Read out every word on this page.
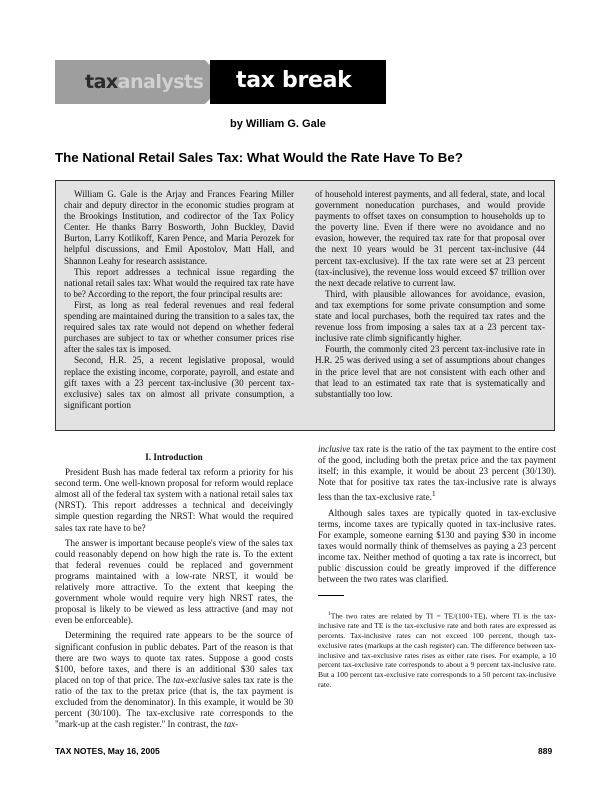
taxanalysts tax break
by William G. Gale
The National Retail Sales Tax: What Would the Rate Have To Be?

William G. Gale is the Arjay and Frances Fearing Miller chair and deputy director in the economic studies program at the Brookings Institution, and codirector of the Tax Policy Center. He thanks Barry Bosworth, John Buckley, David Burton, Larry Kotlikoff, Karen Pence, and Maria Perozek for helpful discussions, and Emil Apostolov, Matt Hall, and Shannon Leahy for research assistance.

This report addresses a technical issue regarding the national retail sales tax: What would the required tax rate have to be? According to the report, the four principal results are:

First, as long as real federal revenues and real federal spending are maintained during the transition to a sales tax, the required sales tax rate would not depend on whether federal purchases are subject to tax or whether consumer prices rise after the sales tax is imposed.

Second, H.R. 25, a recent legislative proposal, would replace the existing income, corporate, payroll, and estate and gift taxes with a 23 percent tax-inclusive (30 percent tax-exclusive) sales tax on almost all private consumption, a significant portion

of household interest payments, and all federal, state, and local government noneducation purchases, and would provide payments to offset taxes on consumption to households up to the poverty line. Even if there were no avoidance and no evasion, however, the required tax rate for that proposal over the next 10 years would be 31 percent tax-inclusive (44 percent tax-exclusive). If the tax rate were set at 23 percent (tax-inclusive), the revenue loss would exceed $7 trillion over the next decade relative to current law.

Third, with plausible allowances for avoidance, evasion, and tax exemptions for some private consumption and some state and local purchases, both the required tax rates and the revenue loss from imposing a sales tax at a 23 percent tax-inclusive rate climb significantly higher.

Fourth, the commonly cited 23 percent tax-inclusive rate in H.R. 25 was derived using a set of assumptions about changes in the price level that are not consistent with each other and that lead to an estimated tax rate that is systematically and substantially too low.

I. Introduction

President Bush has made federal tax reform a priority for his second term. One well-known proposal for reform would replace almost all of the federal tax system with a national retail sales tax (NRST). This report addresses a technical and deceivingly simple question regarding the NRST: What would the required sales tax rate have to be?

The answer is important because people's view of the sales tax could reasonably depend on how high the rate is. To the extent that federal revenues could be replaced and government programs maintained with a low-rate NRST, it would be relatively more attractive. To the extent that keeping the government whole would require very high NRST rates, the proposal is likely to be viewed as less attractive (and may not even be enforceable).

Determining the required rate appears to be the source of significant confusion in public debates. Part of the reason is that there are two ways to quote tax rates. Suppose a good costs $100, before taxes, and there is an additional $30 sales tax placed on top of that price. The tax-exclusive sales tax rate is the ratio of the tax to the pretax price (that is, the tax payment is excluded from the denominator). In this example, it would be 30 percent (30/100). The tax-exclusive rate corresponds to the "mark-up at the cash register." In contrast, the tax-

inclusive tax rate is the ratio of the tax payment to the entire cost of the good, including both the pretax price and the tax payment itself; in this example, it would be about 23 percent (30/130). Note that for positive tax rates the tax-inclusive rate is always less than the tax-exclusive rate.$^1$

Although sales taxes are typically quoted in tax-exclusive terms, income taxes are typically quoted in tax-inclusive rates. For example, someone earning $130 and paying $30 in income taxes would normally think of themselves as paying a 23 percent income tax. Neither method of quoting a tax rate is incorrect, but public discussion could be greatly improved if the difference between the two rates was clarified.

$^1$The two rates are related by TI = TE/(100+TE), where TI is the tax-inclusive rate and TE is the tax-exclusive rate and both rates are expressed as percents. Tax-inclusive rates can not exceed 100 percent, though tax-exclusive rates (markups at the cash register) can. The difference between tax-inclusive and tax-exclusive rates rises as either rate rises. For example, a 10 percent tax-exclusive rate corresponds to about a 9 percent tax-inclusive rate. But a 100 percent tax-exclusive rate corresponds to a 50 percent tax-inclusive rate.

TAX NOTES, May 16, 2005	889
